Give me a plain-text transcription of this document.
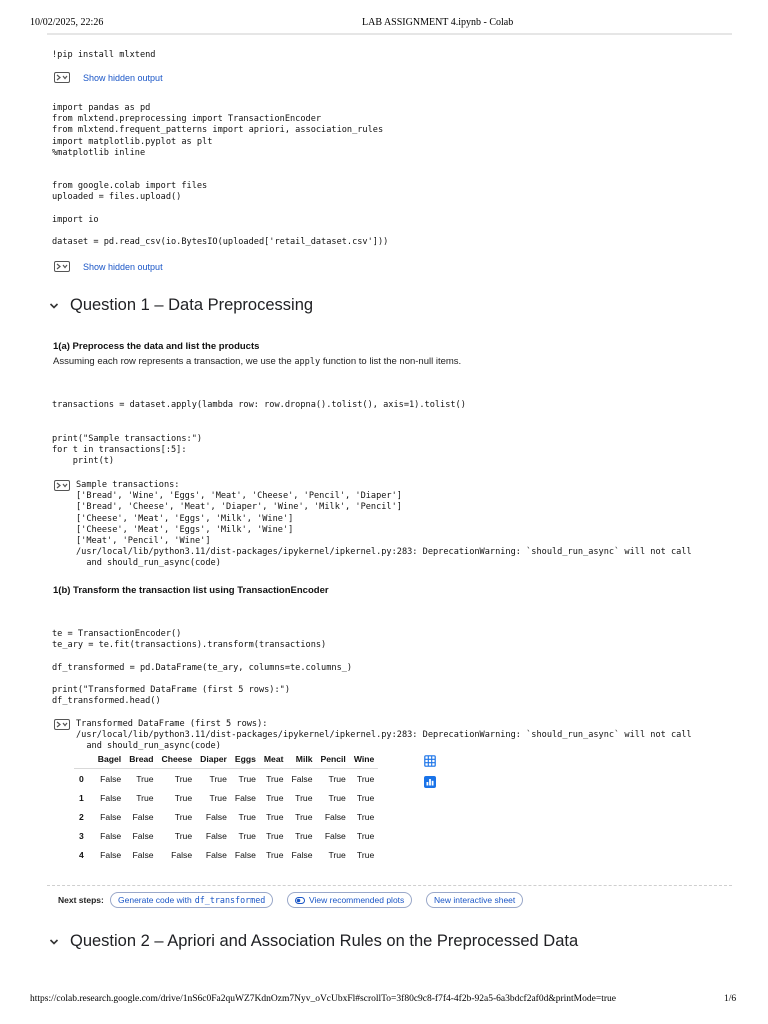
10/02/2025, 22:26	LAB ASSIGNMENT 4.ipynb - Colab
!pip install mlxtend
Show hidden output
import pandas as pd
from mlxtend.preprocessing import TransactionEncoder
from mlxtend.frequent_patterns import apriori, association_rules
import matplotlib.pyplot as plt
%matplotlib inline
from google.colab import files
uploaded = files.upload()

import io

dataset = pd.read_csv(io.BytesIO(uploaded['retail_dataset.csv']))
Show hidden output
Question 1 – Data Preprocessing
1(a) Preprocess the data and list the products
Assuming each row represents a transaction, we use the apply function to list the non-null items.
transactions = dataset.apply(lambda row: row.dropna().tolist(), axis=1).tolist()

print("Sample transactions:")
for t in transactions[:5]:
print(t)
Sample transactions:
['Bread', 'Wine', 'Eggs', 'Meat', 'Cheese', 'Pencil', 'Diaper']
['Bread', 'Cheese', 'Meat', 'Diaper', 'Wine', 'Milk', 'Pencil']
['Cheese', 'Meat', 'Eggs', 'Milk', 'Wine']
['Cheese', 'Meat', 'Eggs', 'Milk', 'Wine']
['Meat', 'Pencil', 'Wine']
/usr/local/lib/python3.11/dist-packages/ipykernel/ipkernel.py:283: DeprecationWarning: `should_run_async` will not call
and should_run_async(code)
1(b) Transform the transaction list using TransactionEncoder
te = TransactionEncoder()
te_ary = te.fit(transactions).transform(transactions)

df_transformed = pd.DataFrame(te_ary, columns=te.columns_)

print("Transformed DataFrame (first 5 rows):")
df_transformed.head()
Transformed DataFrame (first 5 rows):
/usr/local/lib/python3.11/dist-packages/ipykernel/ipkernel.py:283: DeprecationWarning: `should_run_async` will not call
and should_run_async(code)
	Bagel	Bread	Cheese	Diaper	Eggs	Meat	Milk	Pencil	Wine
0	False	True	True	True	True	True	False	True	True
1	False	True	True	True	False	True	True	True	True
2	False	False	True	False	True	True	True	False	True
3	False	False	True	False	True	True	True	False	True
4	False	False	False	False	False	True	False	True	True
Next steps: Generate code with df_transformed	View recommended plots	New interactive sheet
Question 2 – Apriori and Association Rules on the Preprocessed Data
https://colab.research.google.com/drive/1nS6c0Fa2quWZ7KdnOzm7Nyv_oVcUbxFl#scrollTo=3f80c9c8-f7f4-4f2b-92a5-6a3bdcf2af0d&printMode=true	1/6
